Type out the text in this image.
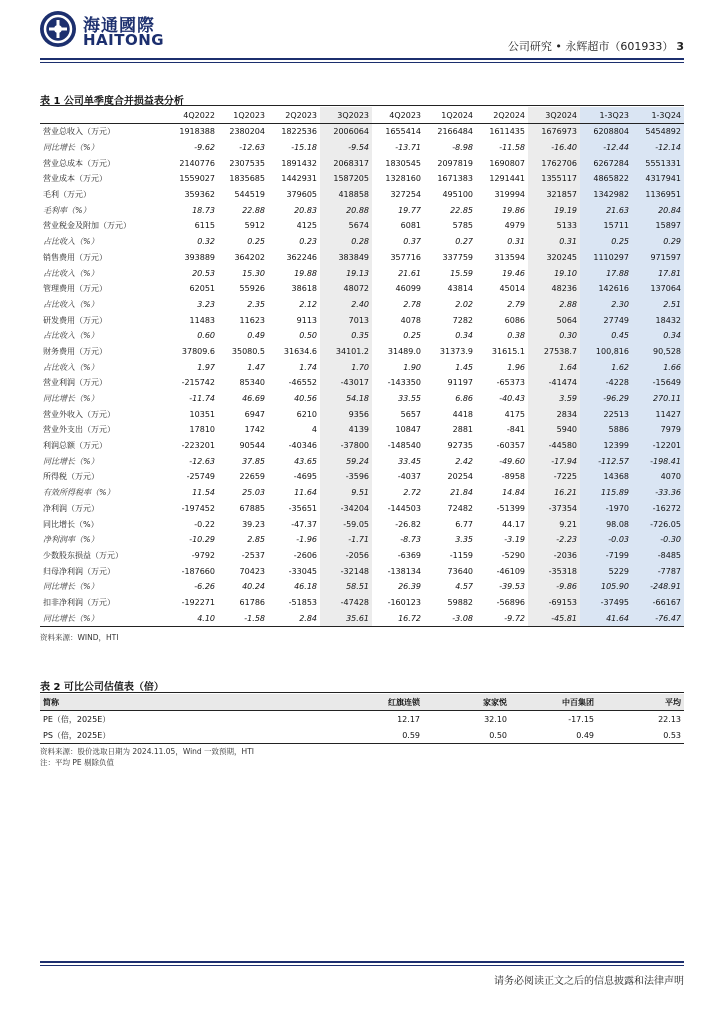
海通國際
HAITONG	公司研究 • 永辉超市（601933） 3
表 1 公司单季度合并损益表分析
	4Q2022	1Q2023	2Q2023	3Q2023	4Q2023	1Q2024	2Q2024	3Q2024	1-3Q23	1-3Q24
营业总收入（万元）	1918388	2380204	1822536	2006064	1655414	2166484	1611435	1676973	6208804	5454892
同比增长（%）	-9.62	-12.63	-15.18	-9.54	-13.71	-8.98	-11.58	-16.40	-12.44	-12.14
营业总成本（万元）	2140776	2307535	1891432	2068317	1830545	2097819	1690807	1762706	6267284	5551331
营业成本（万元）	1559027	1835685	1442931	1587205	1328160	1671383	1291441	1355117	4865822	4317941
毛利（万元）	359362	544519	379605	418858	327254	495100	319994	321857	1342982	1136951
毛利率（%）	18.73	22.88	20.83	20.88	19.77	22.85	19.86	19.19	21.63	20.84
营业税金及附加（万元）	6115	5912	4125	5674	6081	5785	4979	5133	15711	15897
占比收入（%）	0.32	0.25	0.23	0.28	0.37	0.27	0.31	0.31	0.25	0.29
销售费用（万元）	393889	364202	362246	383849	357716	337759	313594	320245	1110297	971597
占比收入（%）	20.53	15.30	19.88	19.13	21.61	15.59	19.46	19.10	17.88	17.81
管理费用（万元）	62051	55926	38618	48072	46099	43814	45014	48236	142616	137064
占比收入（%）	3.23	2.35	2.12	2.40	2.78	2.02	2.79	2.88	2.30	2.51
研发费用（万元）	11483	11623	9113	7013	4078	7282	6086	5064	27749	18432
占比收入（%）	0.60	0.49	0.50	0.35	0.25	0.34	0.38	0.30	0.45	0.34
财务费用（万元）	37809.6	35080.5	31634.6	34101.2	31489.0	31373.9	31615.1	27538.7	100,816	90,528
占比收入（%）	1.97	1.47	1.74	1.70	1.90	1.45	1.96	1.64	1.62	1.66
营业利润（万元）	-215742	85340	-46552	-43017	-143350	91197	-65373	-41474	-4228	-15649
同比增长（%）	-11.74	46.69	40.56	54.18	33.55	6.86	-40.43	3.59	-96.29	270.11
营业外收入（万元）	10351	6947	6210	9356	5657	4418	4175	2834	22513	11427
营业外支出（万元）	17810	1742	4	4139	10847	2881	-841	5940	5886	7979
利润总额（万元）	-223201	90544	-40346	-37800	-148540	92735	-60357	-44580	12399	-12201
同比增长（%）	-12.63	37.85	43.65	59.24	33.45	2.42	-49.60	-17.94	-112.57	-198.41
所得税（万元）	-25749	22659	-4695	-3596	-4037	20254	-8958	-7225	14368	4070
有效所得税率（%）	11.54	25.03	11.64	9.51	2.72	21.84	14.84	16.21	115.89	-33.36
净利润（万元）	-197452	67885	-35651	-34204	-144503	72482	-51399	-37354	-1970	-16272
同比增长（%）	-0.22	39.23	-47.37	-59.05	-26.82	6.77	44.17	9.21	98.08	-726.05
净利润率（%）	-10.29	2.85	-1.96	-1.71	-8.73	3.35	-3.19	-2.23	-0.03	-0.30
少数股东损益（万元）	-9792	-2537	-2606	-2056	-6369	-1159	-5290	-2036	-7199	-8485
归母净利润（万元）	-187660	70423	-33045	-32148	-138134	73640	-46109	-35318	5229	-7787
同比增长（%）	-6.26	40.24	46.18	58.51	26.39	4.57	-39.53	-9.86	105.90	-248.91
扣非净利润（万元）	-192271	61786	-51853	-47428	-160123	59882	-56896	-69153	-37495	-66167
同比增长（%）	4.10	-1.58	2.84	35.61	16.72	-3.08	-9.72	-45.81	41.64	-76.47
资料来源：WIND，HTI
表 2 可比公司估值表（倍）
简称	红旗连锁	家家悦	中百集团	平均
PE（倍，2025E）	12.17	32.10	-17.15	22.13
PS（倍，2025E）	0.59	0.50	0.49	0.53
资料来源：股价选取日期为 2024.11.05，Wind 一致预期，HTI
注：平均 PE 剔除负值
请务必阅读正文之后的信息披露和法律声明
